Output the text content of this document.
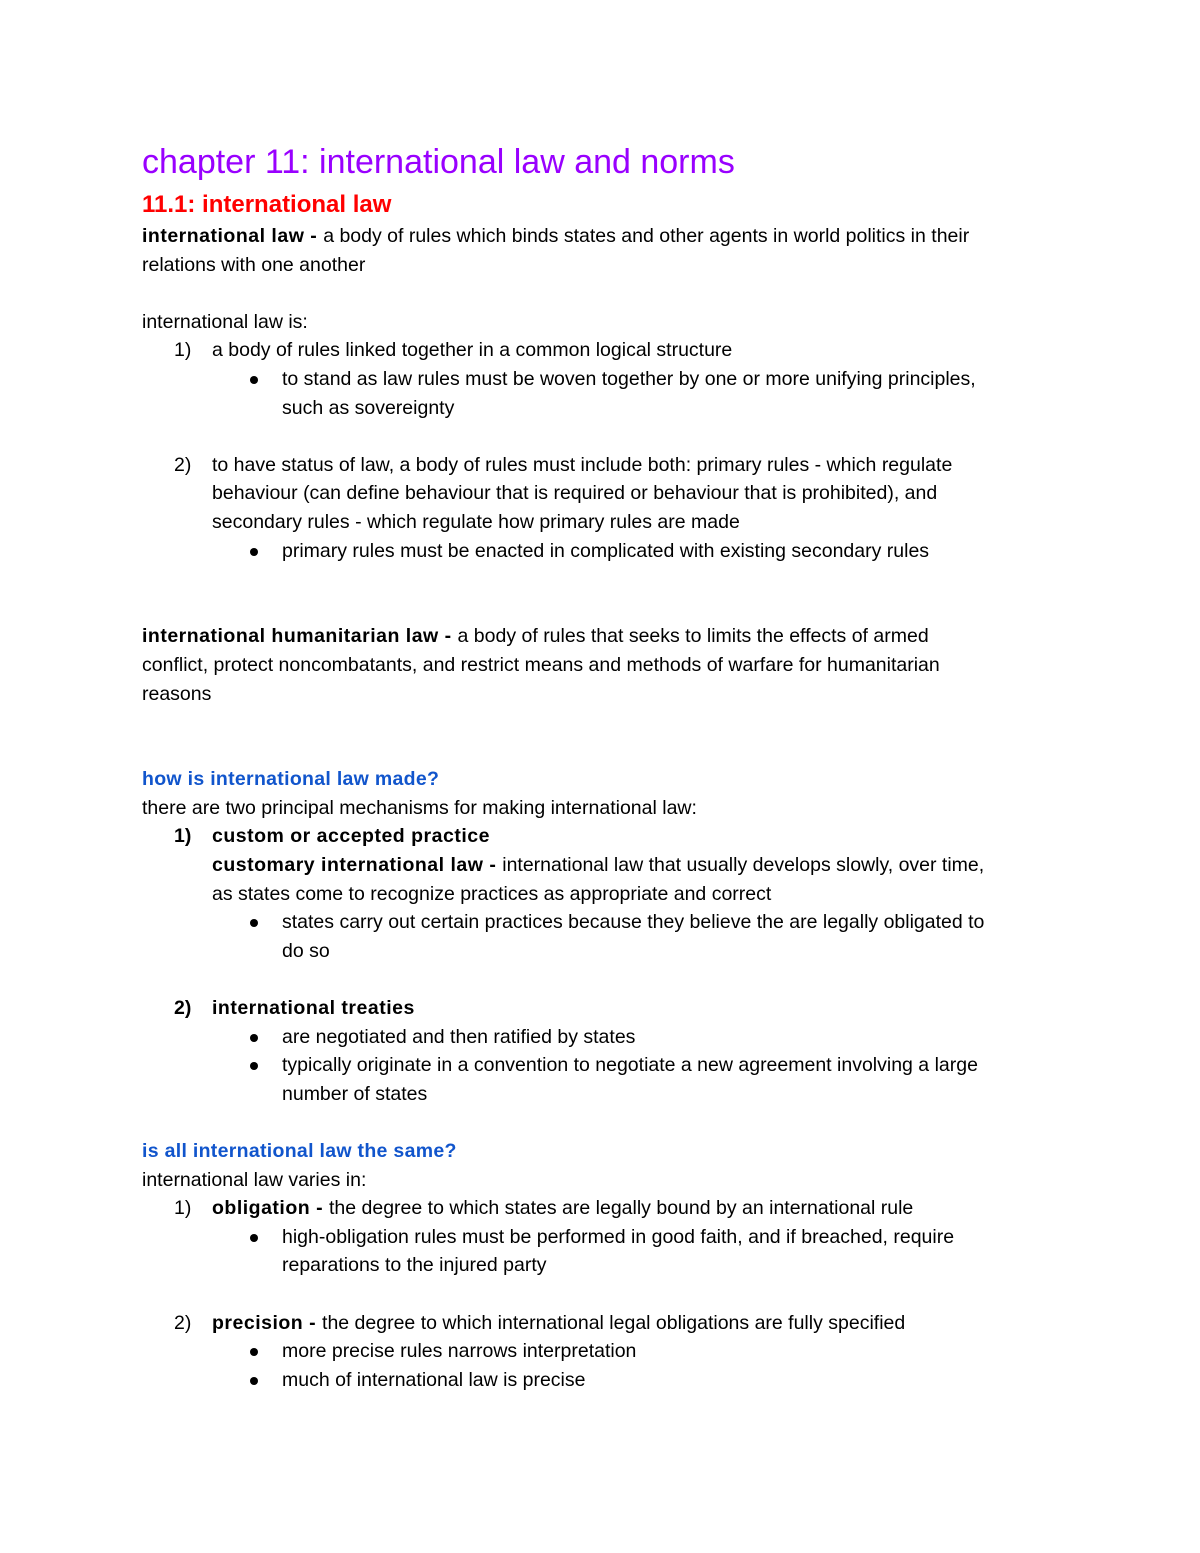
chapter 11: international law and norms
11.1: international law
international law - a body of rules which binds states and other agents in world politics in their
relations with one another
international law is:
1) a body of rules linked together in a common logical structure
to stand as law rules must be woven together by one or more unifying principles,
such as sovereignty
2) to have status of law, a body of rules must include both: primary rules - which regulate
behaviour (can define behaviour that is required or behaviour that is prohibited), and
secondary rules - which regulate how primary rules are made
primary rules must be enacted in complicated with existing secondary rules
international humanitarian law - a body of rules that seeks to limits the effects of armed
conflict, protect noncombatants, and restrict means and methods of warfare for humanitarian
reasons
how is international law made?
there are two principal mechanisms for making international law:
1) custom or accepted practice
customary international law - international law that usually develops slowly, over time,
as states come to recognize practices as appropriate and correct
states carry out certain practices because they believe the are legally obligated to
do so
2) international treaties
are negotiated and then ratified by states
typically originate in a convention to negotiate a new agreement involving a large
number of states
is all international law the same?
international law varies in:
1) obligation - the degree to which states are legally bound by an international rule
high-obligation rules must be performed in good faith, and if breached, require
reparations to the injured party
2) precision - the degree to which international legal obligations are fully specified
more precise rules narrows interpretation
much of international law is precise
